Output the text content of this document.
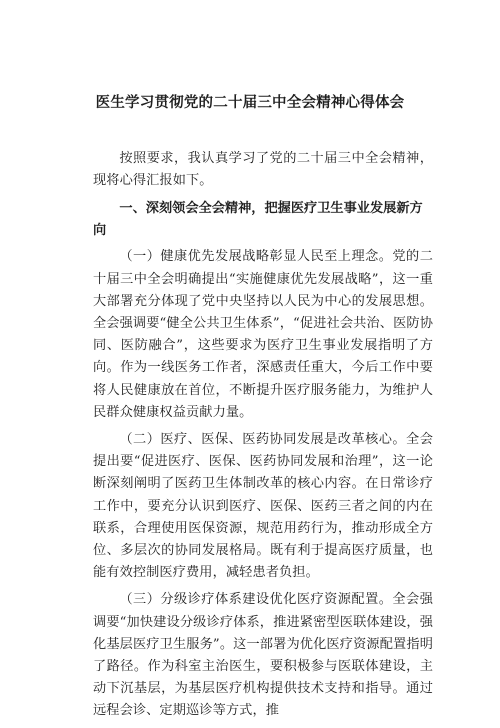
医生学习贯彻党的二十届三中全会精神心得体会

按照要求，我认真学习了党的二十届三中全会精神，现将心得汇报如下。

一、深刻领会全会精神，把握医疗卫生事业发展新方向

（一）健康优先发展战略彰显人民至上理念。党的二十届三中全会明确提出“实施健康优先发展战略”，这一重大部署充分体现了党中央坚持以人民为中心的发展思想。全会强调要“健全公共卫生体系”，“促进社会共治、医防协同、医防融合”，这些要求为医疗卫生事业发展指明了方向。作为一线医务工作者，深感责任重大，今后工作中要将人民健康放在首位，不断提升医疗服务能力，为维护人民群众健康权益贡献力量。

（二）医疗、医保、医药协同发展是改革核心。全会提出要“促进医疗、医保、医药协同发展和治理”，这一论断深刻阐明了医药卫生体制改革的核心内容。在日常诊疗工作中，要充分认识到医疗、医保、医药三者之间的内在联系，合理使用医保资源，规范用药行为，推动形成全方位、多层次的协同发展格局。既有利于提高医疗质量，也能有效控制医疗费用，减轻患者负担。

（三）分级诊疗体系建设优化医疗资源配置。全会强调要“加快建设分级诊疗体系，推进紧密型医联体建设，强化基层医疗卫生服务”。这一部署为优化医疗资源配置指明了路径。作为科室主治医生，要积极参与医联体建设，主动下沉基层，为基层医疗机构提供技术支持和指导。通过远程会诊、定期巡诊等方式，推
